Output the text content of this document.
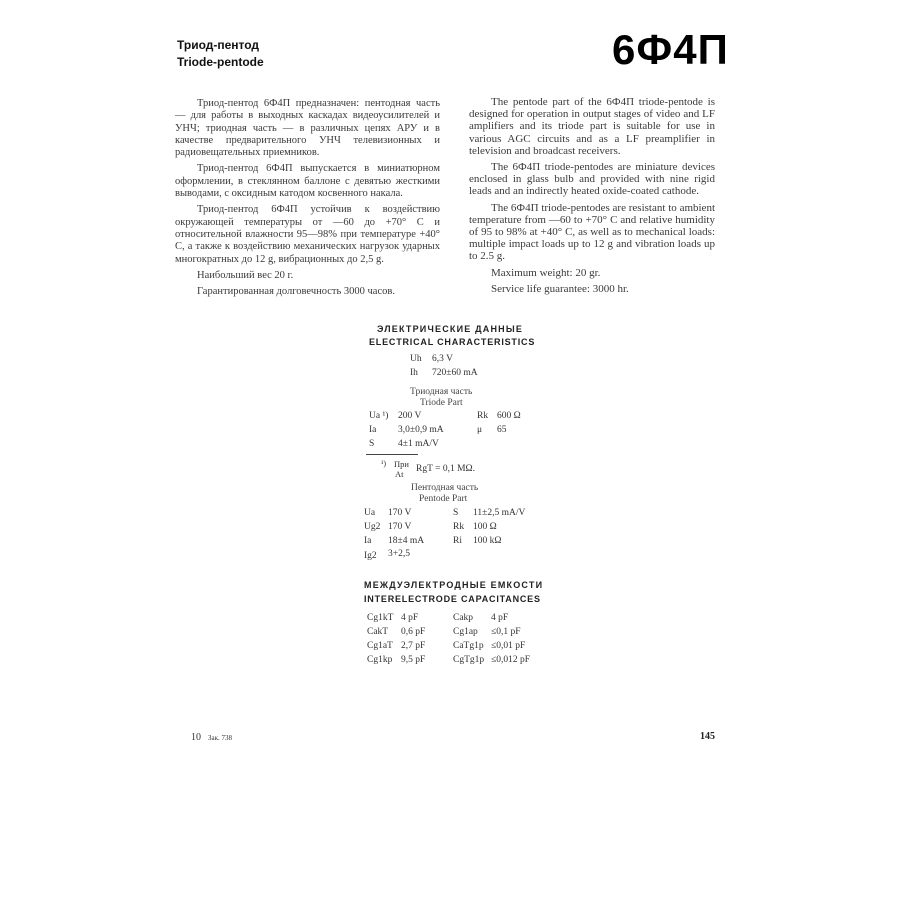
Триод-пентод
Triode-pentode	6Ф4П

Триод-пентод 6Ф4П предназначен: пентодная часть — для работы в выходных каскадах видеоусилителей и УНЧ; триодная часть — в различных цепях АРУ и в качестве предварительного УНЧ телевизионных и радиовещательных приемников.

Триод-пентод 6Ф4П выпускается в миниатюрном оформлении, в стеклянном баллоне с девятью жесткими выводами, с оксидным катодом косвенного накала.

Триод-пентод 6Ф4П устойчив к воздействию окружающей температуры от —60 до +70° С и относительной влажности 95—98% при температуре +40° С, а также к воздействию механических нагрузок ударных многократных до 12 g, вибрационных до 2,5 g.

Наибольший вес 20 г.

Гарантированная долговечность 3000 часов.

The pentode part of the 6Ф4П triode-pentode is designed for operation in output stages of video and LF amplifiers and its triode part is suitable for use in various AGC circuits and as a LF preamplifier in television and broadcast receivers.

The 6Ф4П triode-pentodes are miniature devices enclosed in glass bulb and provided with nine rigid leads and an indirectly heated oxide-coated cathode.

The 6Ф4П triode-pentodes are resistant to ambient temperature from —60 to +70° C and relative humidity of 95 to 98% at +40° C, as well as to mechanical loads: multiple impact loads up to 12 g and vibration loads up to 2.5 g.

Maximum weight: 20 gr.

Service life guarantee: 3000 hr.

ЭЛЕКТРИЧЕСКИЕ ДАННЫЕ
ELECTRICAL CHARACTERISTICS
Uh 6,3 V
Ih 720±60 mA
Триодная часть
Triode Part
Ua ¹) 200 V	Rk 600 Ω
Ia 3,0±0,9 mA	μ 65
S 4±1 mA/V
¹) При
At RgT = 0,1 MΩ.
Пентодная часть
Pentode Part
Ua 170 V	S 11±2,5 mA/V
Ug2 170 V	Rk 100 Ω
Ia 18±4 mA	Ri 100 kΩ
Ig2 3+2,5
МЕЖДУЭЛЕКТРОДНЫЕ ЕМКОСТИ
INTERELECTRODE CAPACITANCES
Cg1kT 4 pF	Cakp 4 pF
CakT 0,6 pF	Cg1ap ≤0,1 pF
Cg1aT 2,7 pF	CaTg1p ≤0,01 pF
Cg1kp 9,5 pF	CgTg1p ≤0,012 pF
10 Зак. 738	145
